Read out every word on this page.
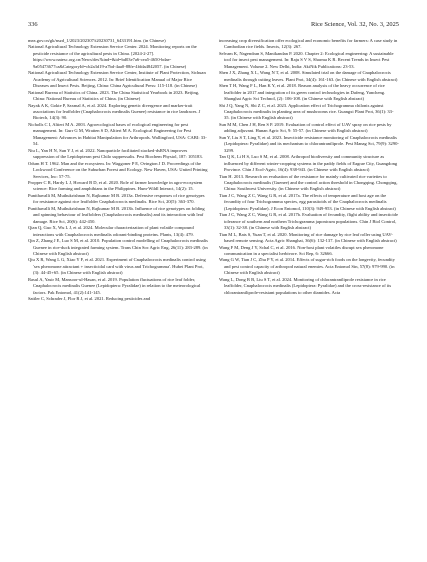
336	Rice Science, Vol. 32, No. 3, 2025

mea.gov.cn/gk/nszd_1/2023/202307/t20230731_6433191.htm. (in Chinese)

National Agricultural Technology Extension Service Center. 2024. Monitoring reports on the pesticide resistance of the agricultural pests in China. [2024-2-27]. https://www.natesc.org.cn/News/des?kind=&id=bd03e7a6-cea5-4650-bdae-9a05473677ca&CategoryId=cb2a3d19-a7bd-4aa0-88fe-4fdda4842057. (in Chinese)

National Agricultural Technology Extension Service Center, Institute of Plant Protection, Sichuan Academy of Agricultural Sciences. 2012. In: Brief Identification Manual of Major Rice Diseases and Insect Pests. Beijing, China: China Agricultural Press: 115-118. (in Chinese)

National Bureau of Statistics of China. 2023. The China Statistical Yearbook in 2023. Beijing, China: National Bureau of Statistics of China. (in Chinese)

Nayak A K, Gokte P, Saxmal A, et al. 2024. Exploring genetic divergence and marker-trait associations for leaffolder (Cnaphalocrocis medinalis Guenee) resistance in rice landraces. J Biotech, 14(3): 90.

Nicholls C I, Altieri M A. 2003. Agroecological bases of ecological engineering for pest management. In: Gurr G M, Wratten S D, Altieri M A. Ecological Engineering for Pest Management: Advances in Habitat Manipulation for Arthropods. Wallingford, USA: CABI: 33-54.

Niu L, Yan H N, Sun Y J, et al. 2022. Nanoparticle facilitated stacked-dsRNA improves suppression of the Lepidopteran pest Chilo suppressalis. Pest Biochem Physiol, 187: 105183.

Odum H T. 1962. Man and the ecosystem. In: Waggoner P E, Ovington J D. Proceedings of the Lockwood Conference on the Suburban Forest and Ecology. New Haven, USA: United Printing Services, Inc: 57-75.

Propper C R, Hardy L J, Howard B D, et al. 2020. Role of farmer knowledge in agro-ecosystem science: Rice farming and amphibians in the Philippines. Hum-Wildl Interact, 14(2): 15.

Punithavalli M, Muthukrishnan N, Rajkumar M B. 2013a. Defensive responses of rice genotypes for resistance against rice leaffolder Cnaphalocrocis medinalis. Rice Sci, 20(5): 363-370.

Punithavalli M, Muthukrishnan N, Rajkumar M B. 2013b. Influence of rice genotypes on folding and spinning behaviour of leaffolders (Cnaphalocrocis medinalis) and its interaction with leaf damage. Rice Sci, 20(6): 442-450.

Qian Q, Guo X, Wu L J, et al. 2024. Molecular characterization of plant volatile compound interactions with Cnaphalocrocis medinalis odorant-binding proteins. Plants, 13(4): 479.

Qin Z, Zhang J E, Luo S M, et al. 2010. Population control modelling of Cnaphalocrocis medinalis Guenee in rice-duck integrated farming system. Trans Chin Soc Agric Eng, 26(11): 283-289. (in Chinese with English abstract)

Qiu X R, Wang L G, Xiao Y F, et al. 2021. Experiment of Cnaphalocrocis medinalis control using 'sex pheromone attractant + insecticidal card with virus and Trichogramma'. Hubei Plant Prot, (3): 44-45+65. (in Chinese with English abstract)

Rasul A, Yasir M, Mansoor-ul-Hasan, et al. 2019. Population fluctuations of rice leaf folder, Cnaphalocrocis medinalis Guenee (Lepidoptera: Pyralidae) in relation to the meteorological factors. Pak Entomol, 41(2):141-145.

Sattler C, Schrader J, Flor R J, et al. 2021. Reducing pesticides and

increasing crop diversification offer ecological and economic benefits for farmers: A case study in Cambodian rice fields. Insects, 12(3): 267.

Selvam K, Nagendran S, Manikandan P. 2020. Chapter 2: Ecological engineering: A sustainable tool for insect pest management. In: Raju S V S, Sharma K R. Recent Trends in Insect Pest Management. Volume 2. New Delhi, India: AkiNik Publications: 23-53.

Shen J X, Zhang X L, Wang N T, et al. 2008. Simulated trial on the damage of Cnaphalocrocis medinalis through cutting leaves. Plant Prot, 34(4): 161-163. (in Chinese with English abstract)

Shen T H, Wang F L, Han K Y, et al. 2018. Reason analysis of the heavy occurrence of rice leaffolder in 2017 and integration of its green control technologies in Dafeng, Yancheng. Shanghai Agric Sci Technol, (2): 106-108. (in Chinese with English abstract)

Shi J Q, Yang N, Shi Z C, et al. 2023. Application effect of Trichogramma chilonis against Cnaphalocrocis medinalis in planting area of mushrooms rice. Guangxi Plant Prot, 36(1): 33-35. (in Chinese with English abstract)

Sun M M, Chen J H, Ren S P. 2019. Evaluation of control effect of UAV spray on rice pests by adding adjuvant. Hunan Agric Sci, 9: 55-57. (in Chinese with English abstract)

Sun Y, Liu S T, Ling Y, et al. 2023. Insecticide resistance monitoring of Cnaphalocrocis medinalis (Lepidoptera: Pyralidae) and its mechanism to chlorantraniliprole. Pest Manag Sci, 79(9): 3290-3299.

Tan Q K, Li H S, Luo S M, et al. 2008. Arthropod biodiversity and community structure as influenced by different winter-cropping systems in the paddy fields of Eagrae City, Guangdong Province. Chin J Ecol-Agric, 16(4): 938-943. (in Chinese with English abstract)

Tian H. 2013. Research on evaluation of the resistance for mainly cultivated rice varieties to Cnaphalocrocis medinalis (Guenee) and the control action threshold in Chongqing. Chongqing, China: Southwest University. (in Chinese with English abstract)

Tian J C, Wang Z C, Wang G R, et al. 2017a. The effects of temperature and host age on the fecundity of four Trichogramma species, egg parasitoids of the Cnaphalocrocis medinalis (Lepidoptera: Pyralidae). J Econ Entomol, 110(3): 949-953. (in Chinese with English abstract)

Tian J C, Wang Z C, Wang G R, et al. 2017b. Evaluation of fecundity, flight ability and insecticide tolerance of southern and northern Trichogramma japonicum populations. Chin J Biol Control, 33(1): 32-38. (in Chinese with English abstract)

Tian M L, Bats S, Yuan T, et al. 2020. Monitoring of rice damage by rice leaf roller using UAV-based remote sensing. Acta Agric Shanghai, 36(6): 132-137. (in Chinese with English abstract)

Wang F M, Deng J Y, Schal C, et al. 2016. Non-host plant volatiles disrupt sex pheromone communication in a specialist herbivore. Sci Rep, 6: 32666.

Wang G W, Tian J C, Zhu P Y, et al. 2014. Effects of sugar-rich foods on the longevity, fecundity and pest control capacity of arthropod natural enemies. Acta Entomol Sin, 57(8): 979-990. (in Chinese with English abstract)

Wang L, Dong B B, Liu S T, et al. 2024. Monitoring of chlorantraniliprole resistance in rice leaffolder, Cnaphalocrocis medinalis (Lepidoptera: Pyralidae) and the cross-resistance of its chlorantraniliprole-resistant populations to other diamides. Acta
